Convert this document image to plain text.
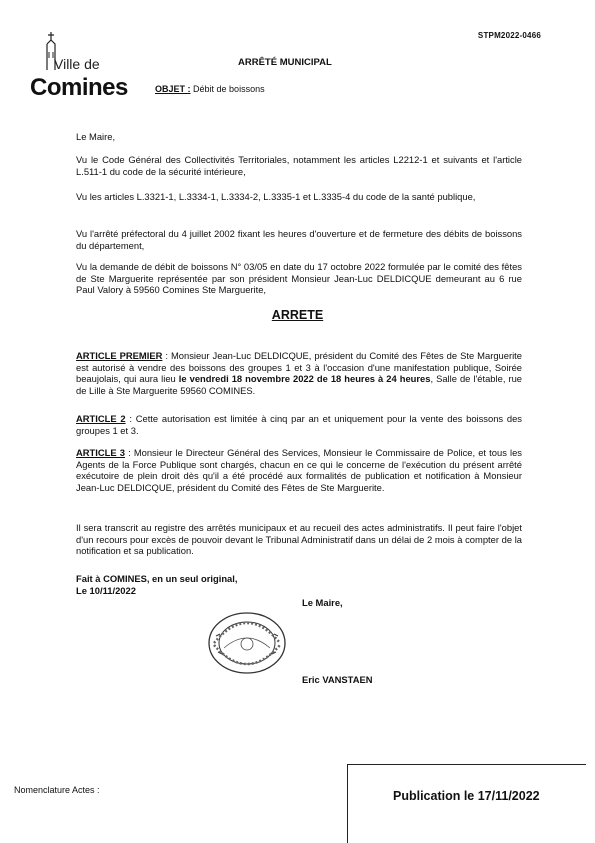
STPM2022-0466
Ville de
Comines
ARRÊTÉ MUNICIPAL
OBJET : Débit de boissons
Le Maire,
Vu le Code Général des Collectivités Territoriales, notamment les articles L2212-1 et suivants et l'article L.511-1 du code de la sécurité intérieure,
Vu les articles L.3321-1, L.3334-1, L.3334-2, L.3335-1 et L.3335-4 du code de la santé publique,
Vu l'arrêté préfectoral du 4 juillet 2002 fixant les heures d'ouverture et de fermeture des débits de boissons du département,
Vu la demande de débit de boissons N° 03/05 en date du 17 octobre 2022 formulée par le comité des fêtes de Ste Marguerite représentée par son président Monsieur Jean-Luc DELDICQUE demeurant au 6 rue Paul Valory à 59560 Comines Ste Marguerite,
ARRETE
ARTICLE PREMIER : Monsieur Jean-Luc DELDICQUE, président du Comité des Fêtes de Ste Marguerite est autorisé à vendre des boissons des groupes 1 et 3 à l'occasion d'une manifestation publique, Soirée beaujolais, qui aura lieu le vendredi 18 novembre 2022 de 18 heures à 24 heures, Salle de l'étable, rue de Lille à Ste Marguerite 59560 COMINES.
ARTICLE 2 : Cette autorisation est limitée à cinq par an et uniquement pour la vente des boissons des groupes 1 et 3.
ARTICLE 3 : Monsieur le Directeur Général des Services, Monsieur le Commissaire de Police, et tous les Agents de la Force Publique sont chargés, chacun en ce qui le concerne de l'exécution du présent arrêté exécutoire de plein droit dès qu'il a été procédé aux formalités de publication et notification à Monsieur Jean-Luc DELDICQUE, président du Comité des Fêtes de Ste Marguerite.
Il sera transcrit au registre des arrêtés municipaux et au recueil des actes administratifs. Il peut faire l'objet d'un recours pour excès de pouvoir devant le Tribunal Administratif dans un délai de 2 mois à compter de la notification et sa publication.
Fait à COMINES, en un seul original,
Le 10/11/2022
Le Maire,
Eric VANSTAEN
Nomenclature Actes :	Publication le 17/11/2022
